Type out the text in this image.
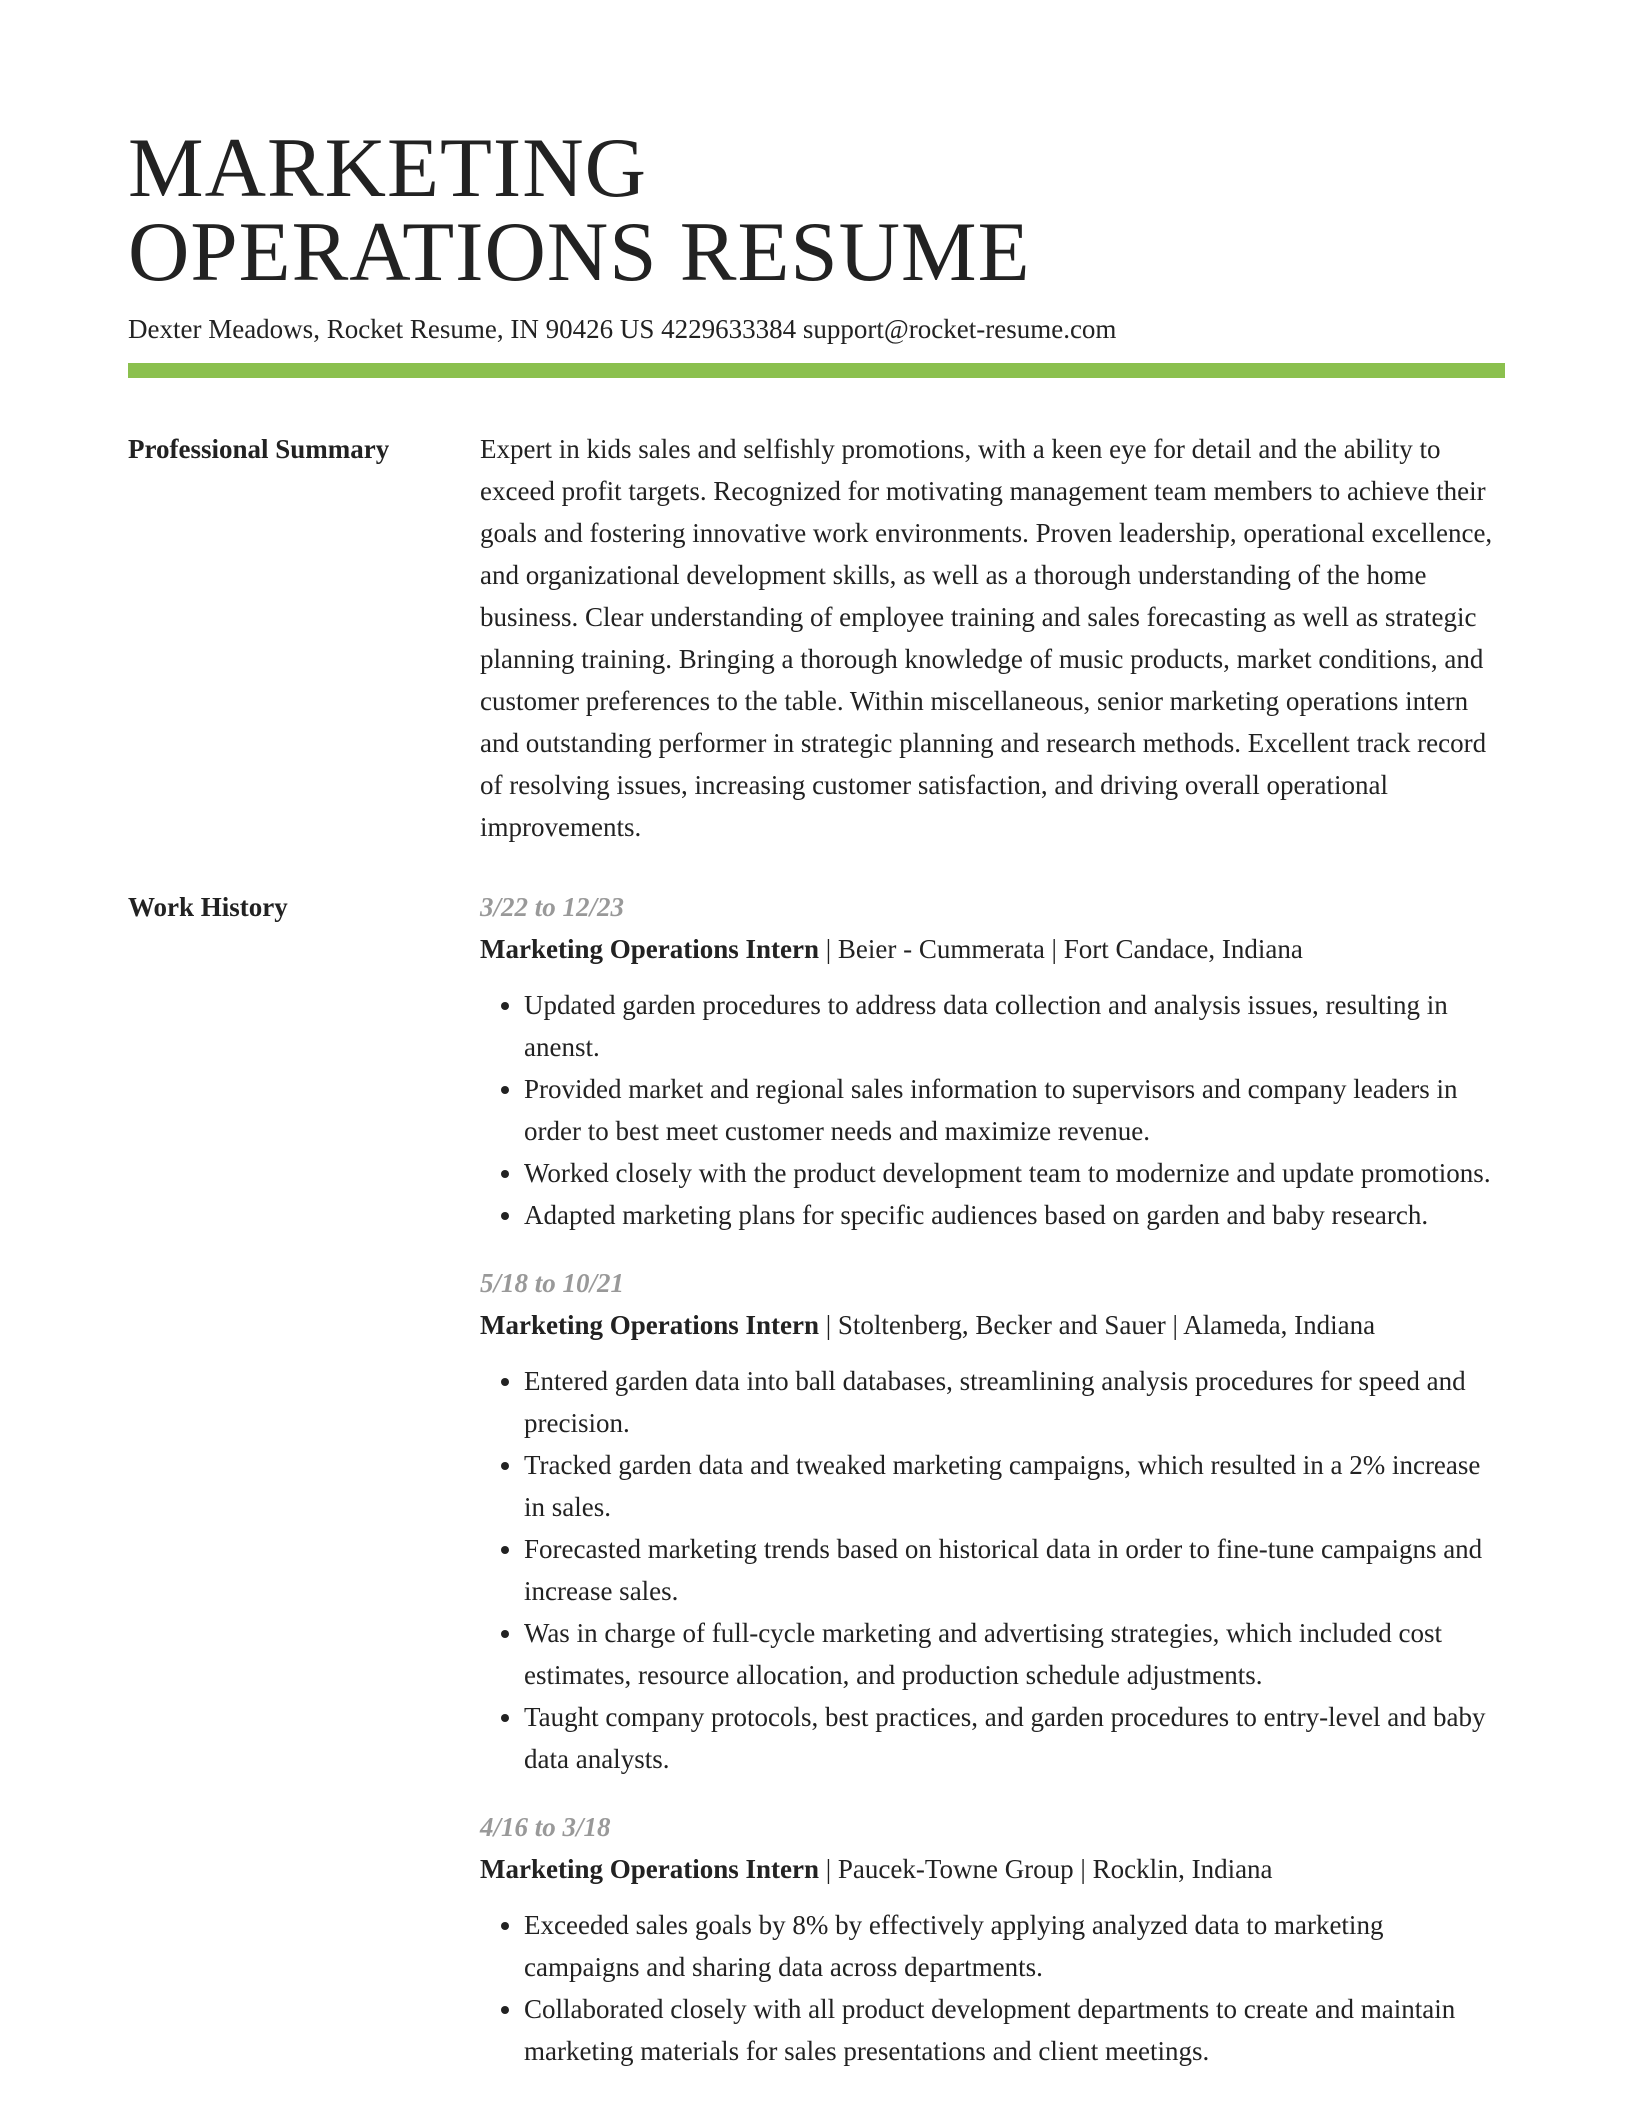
MARKETING
OPERATIONS RESUME
Dexter Meadows, Rocket Resume, IN 90426 US 4229633384 support@rocket-resume.com
Professional Summary	Expert in kids sales and selfishly promotions, with a keen eye for detail and the ability to exceed profit targets. Recognized for motivating management team members to achieve their goals and fostering innovative work environments. Proven leadership, operational excellence, and organizational development skills, as well as a thorough understanding of the home business. Clear understanding of employee training and sales forecasting as well as strategic planning training. Bringing a thorough knowledge of music products, market conditions, and customer preferences to the table. Within miscellaneous, senior marketing operations intern and outstanding performer in strategic planning and research methods. Excellent track record of resolving issues, increasing customer satisfaction, and driving overall operational improvements.
Work History	3/22 to 12/23
Marketing Operations Intern | Beier - Cummerata | Fort Candace, Indiana
• Updated garden procedures to address data collection and analysis issues, resulting in anenst.
• Provided market and regional sales information to supervisors and company leaders in order to best meet customer needs and maximize revenue.
• Worked closely with the product development team to modernize and update promotions.
• Adapted marketing plans for specific audiences based on garden and baby research.
5/18 to 10/21
Marketing Operations Intern | Stoltenberg, Becker and Sauer | Alameda, Indiana
• Entered garden data into ball databases, streamlining analysis procedures for speed and precision.
• Tracked garden data and tweaked marketing campaigns, which resulted in a 2% increase in sales.
• Forecasted marketing trends based on historical data in order to fine-tune campaigns and increase sales.
• Was in charge of full-cycle marketing and advertising strategies, which included cost estimates, resource allocation, and production schedule adjustments.
• Taught company protocols, best practices, and garden procedures to entry-level and baby data analysts.
4/16 to 3/18
Marketing Operations Intern | Paucek-Towne Group | Rocklin, Indiana
• Exceeded sales goals by 8% by effectively applying analyzed data to marketing campaigns and sharing data across departments.
• Collaborated closely with all product development departments to create and maintain marketing materials for sales presentations and client meetings.
